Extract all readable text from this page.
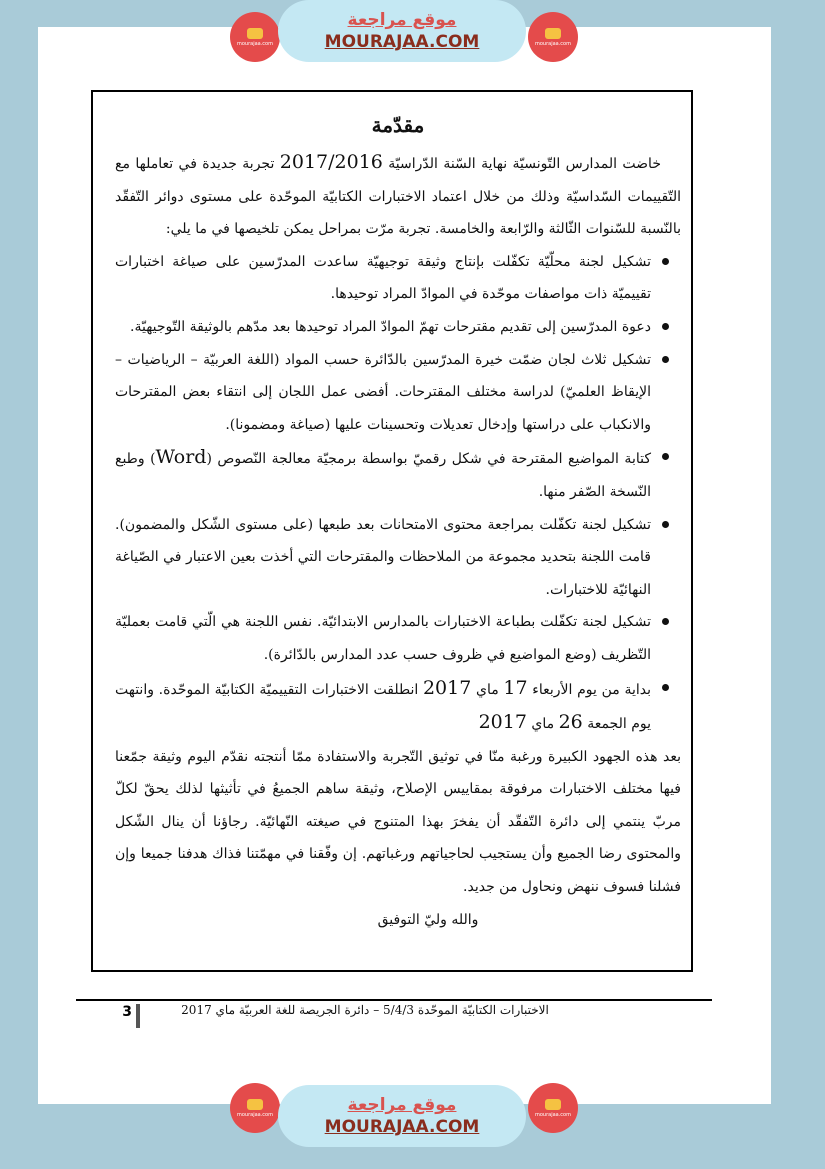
mourajaa.com
موقع مراجعة
MOURAJAA.COM	mourajaa.com
مقدّمة
خاضت المدارس التّونسيّة نهاية السّنة الدّراسيّة 2017/2016 تجربة جديدة في تعاملها مع التّقييمات السّداسيّة وذلك من خلال اعتماد الاختبارات الكتابيّة الموحّدة على مستوى دوائر التّفقّد بالنّسبة للسّنوات الثّالثة والرّابعة والخامسة. تجربة مرّت بمراحل يمكن تلخيصها في ما يلي:
تشكيل لجنة محلّيّة تكفّلت بإنتاج وثيقة توجيهيّة ساعدت المدرّسين على صياغة اختبارات تقييميّة ذات مواصفات موحّدة في الموادّ المراد توحيدها.
دعوة المدرّسين إلى تقديم مقترحات تهمّ الموادّ المراد توحيدها بعد مدّهم بالوثيقة التّوجيهيّة.
تشكيل ثلاث لجان ضمّت خيرة المدرّسين بالدّائرة حسب المواد (اللغة العربيّة – الرياضيات – الإيقاظ العلميّ) لدراسة مختلف المقترحات. أفضى عمل اللجان إلى انتقاء بعض المقترحات والانكباب على دراستها وإدخال تعديلات وتحسينات عليها (صياغة ومضمونا).
كتابة المواضيع المقترحة في شكل رقميّ بواسطة برمجيّة معالجة النّصوص (Word) وطبع النّسخة الصّفر منها.
تشكيل لجنة تكفّلت بمراجعة محتوى الامتحانات بعد طبعها (على مستوى الشّكل والمضمون). قامت اللجنة بتحديد مجموعة من الملاحظات والمقترحات التي أخذت بعين الاعتبار في الصّياغة النهائيّة للاختبارات.
تشكيل لجنة تكفّلت بطباعة الاختبارات بالمدارس الابتدائيّة. نفس اللجنة هي الّتي قامت بعمليّة التّظريف (وضع المواضيع في ظروف حسب عدد المدارس بالدّائرة).
بداية من يوم الأربعاء 17 ماي 2017 انطلقت الاختبارات التقييميّة الكتابيّة الموحّدة. وانتهت يوم الجمعة 26 ماي 2017
بعد هذه الجهود الكبيرة ورغبة منّا في توثيق التّجربة والاستفادة ممّا أنتجته نقدّم اليوم وثيقة جمّعنا فيها مختلف الاختبارات مرفوقة بمقاييس الإصلاح، وثيقة ساهم الجميعُ في تأثيثها لذلك يحقّ لكلّ مربّ ينتمي إلى دائرة التّفقّد أن يفخرَ بهذا المتنوج في صيغته النّهائيّة. رجاؤنا أن ينال الشّكل والمحتوى رضا الجميع وأن يستجيب لحاجياتهم ورغباتهم. إن وفّقنا في مهمّتنا فذاك هدفنا جميعا وإن فشلنا فسوف ننهض ونحاول من جديد.
والله وليّ التوفيق
الاختبارات الكتابيّة الموحّدة 5/4/3 – دائرة الجريصة للغة العربيّة ماي 2017
3
mourajaa.com	موقع مراجعة
MOURAJAA.COM
mourajaa.com
